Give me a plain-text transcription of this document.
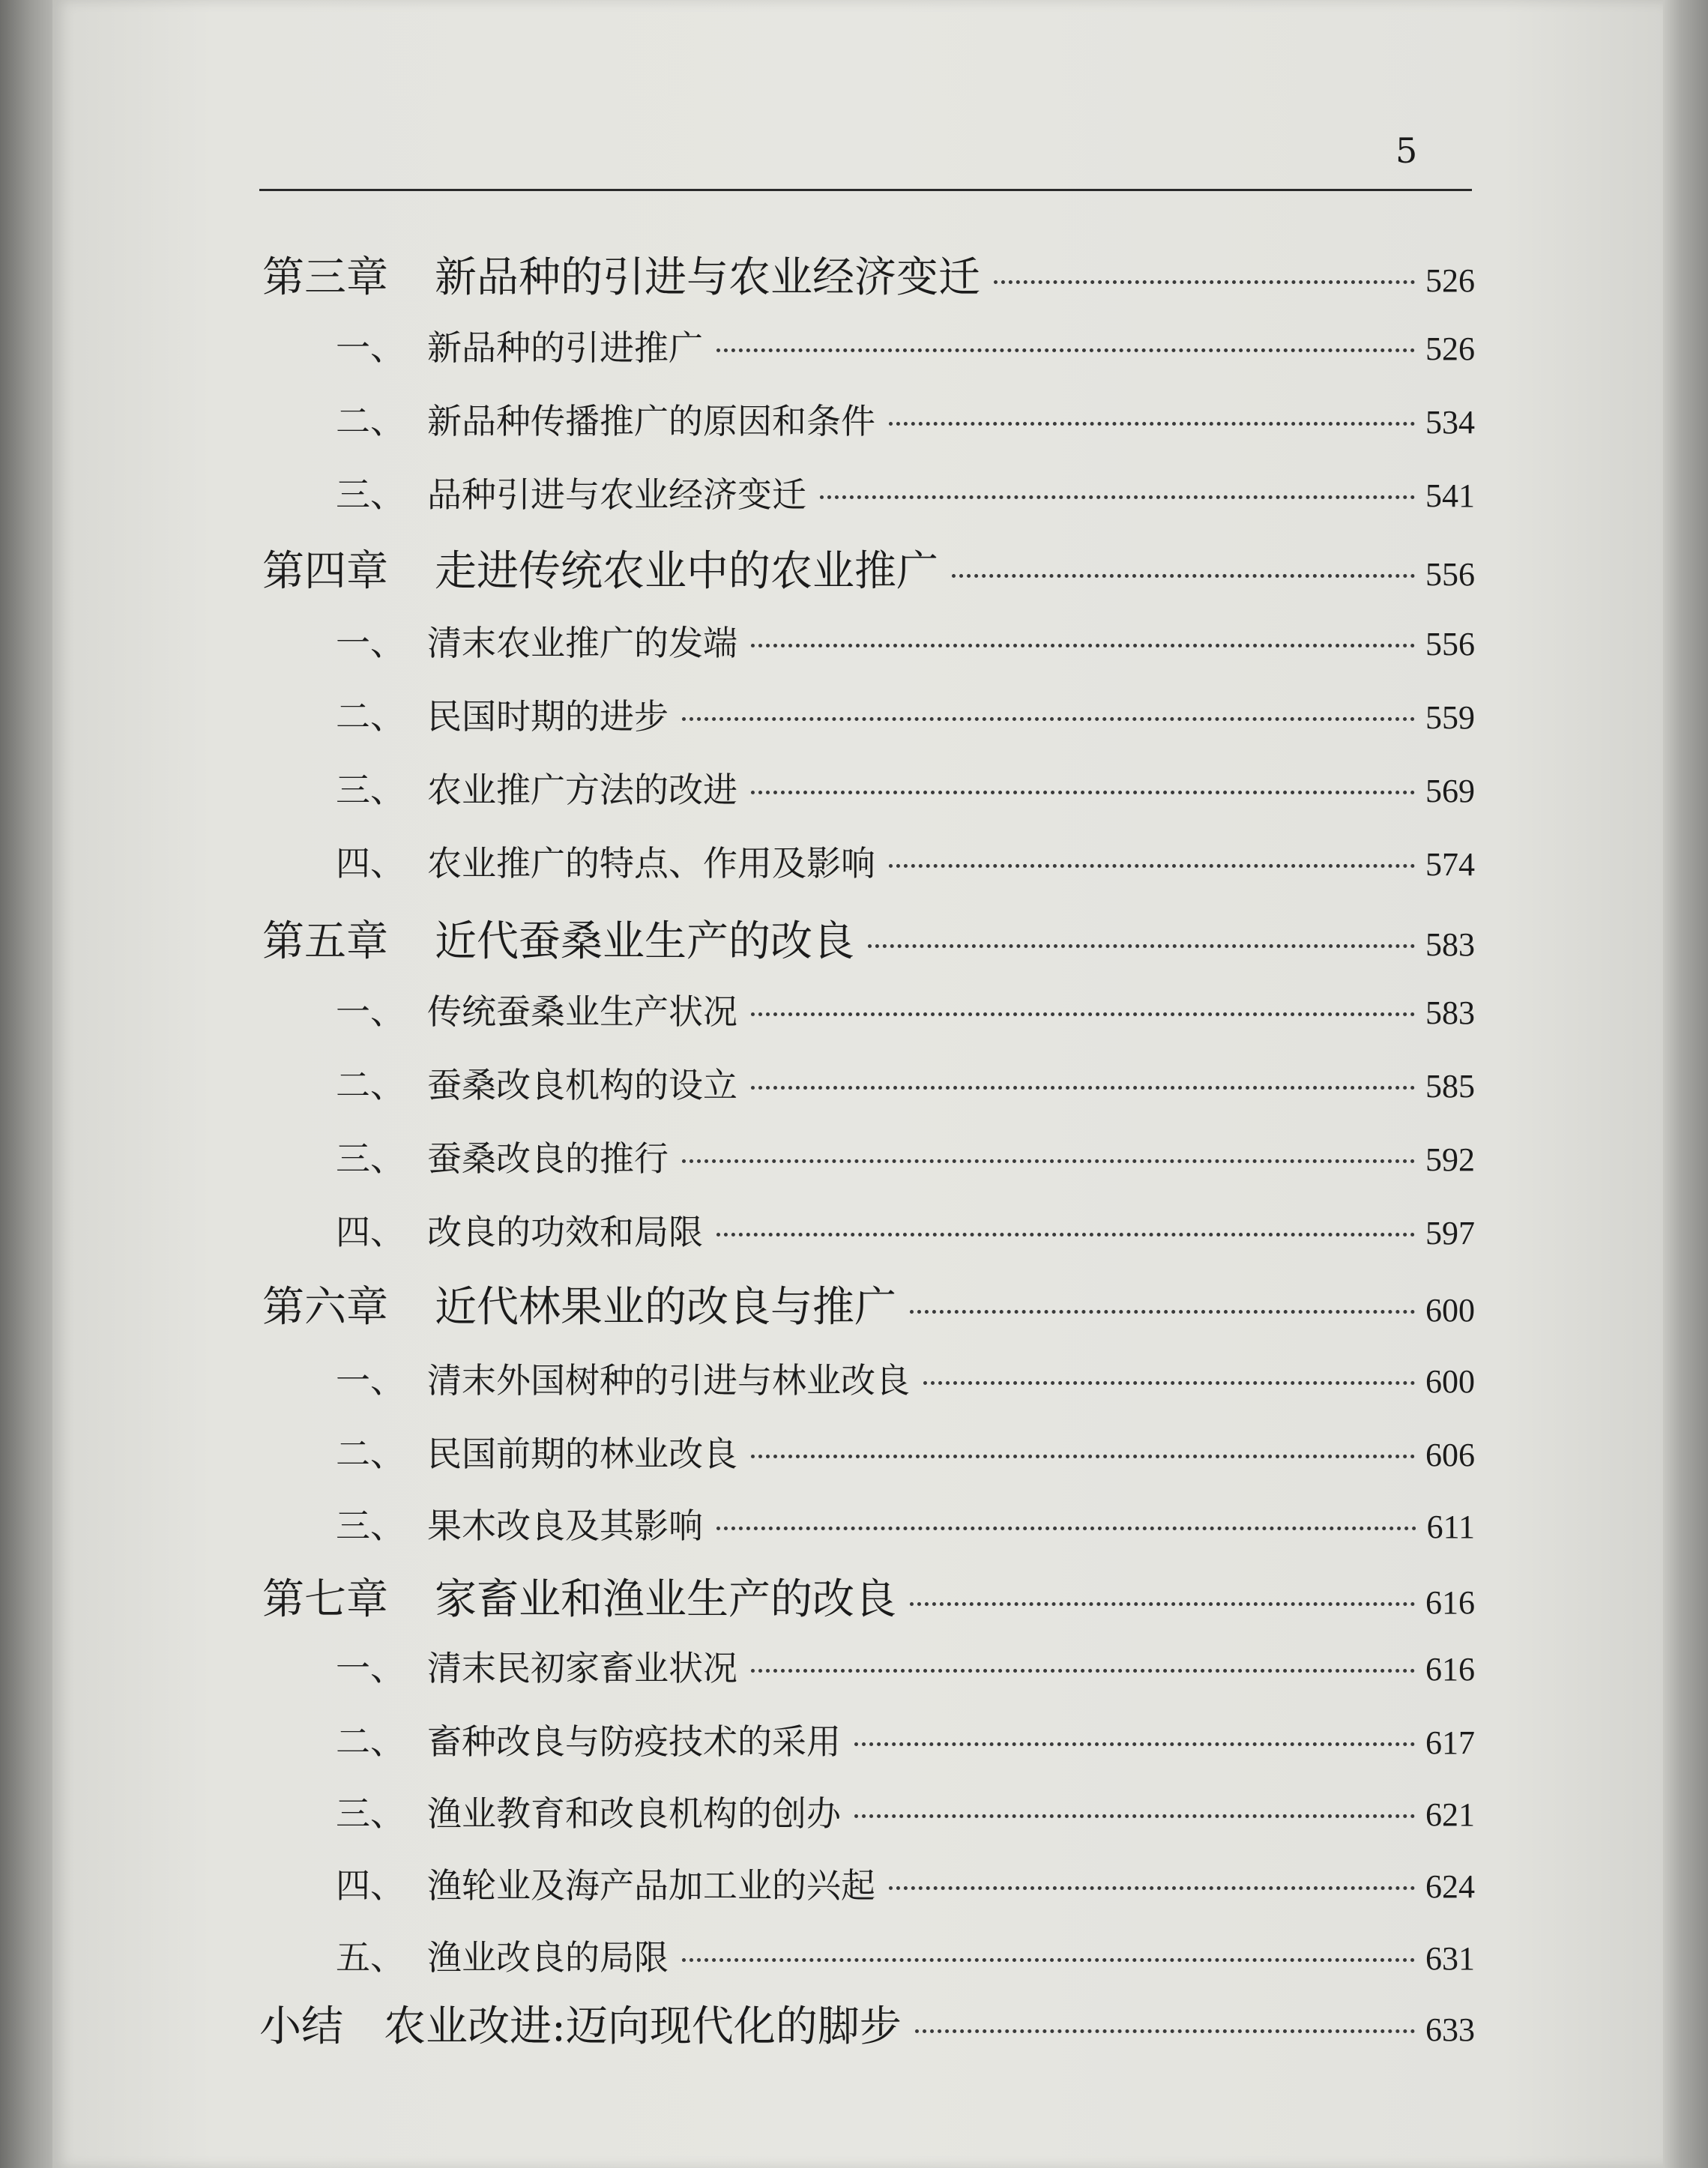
5
第三章	新品种的引进与农业经济变迁	526
一、 新品种的引进推广	526
二、 新品种传播推广的原因和条件	534
三、 品种引进与农业经济变迁	541
第四章	走进传统农业中的农业推广	556
一、 清末农业推广的发端	556
二、 民国时期的进步	559
三、 农业推广方法的改进	569
四、 农业推广的特点、作用及影响	574
第五章	近代蚕桑业生产的改良	583
一、 传统蚕桑业生产状况	583
二、 蚕桑改良机构的设立	585
三、 蚕桑改良的推行	592
四、 改良的功效和局限	597
第六章	近代林果业的改良与推广	600
一、 清末外国树种的引进与林业改良	600
二、 民国前期的林业改良	606
三、 果木改良及其影响	611
第七章	家畜业和渔业生产的改良	616
一、 清末民初家畜业状况	616
二、 畜种改良与防疫技术的采用	617
三、 渔业教育和改良机构的创办	621
四、 渔轮业及海产品加工业的兴起	624
五、 渔业改良的局限	631
小结 农业改进:迈向现代化的脚步	633
